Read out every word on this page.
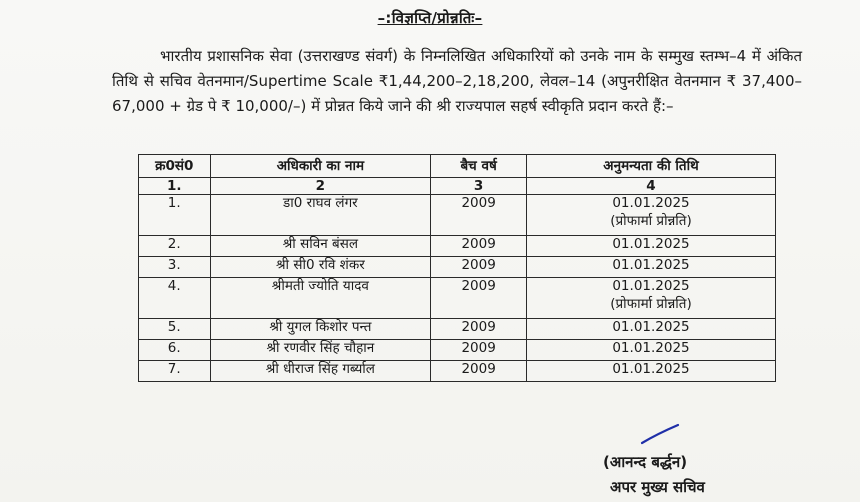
–:विज्ञप्ति/प्रोन्नतिः–
भारतीय प्रशासनिक सेवा (उत्तराखण्ड संवर्ग) के निम्नलिखित अधिकारियों को उनके नाम के सम्मुख स्तम्भ–4 में अंकित तिथि से सचिव वेतनमान/Supertime Scale ₹1,44,200–2,18,200, लेवल–14 (अपुनरीक्षित वेतनमान ₹ 37,400–67,000 + ग्रेड पे ₹ 10,000/–) में प्रोन्नत किये जाने की श्री राज्यपाल सहर्ष स्वीकृति प्रदान करते हैं:–
क्र0सं0	अधिकारी का नाम	बैच वर्ष	अनुमन्यता की तिथि
1.	2	3	4
1.	डा0 राघव लंगर	2009	01.01.2025
(प्रोफार्मा प्रोन्नति)

2.	श्री सविन बंसल	2009	01.01.2025
3.	श्री सी0 रवि शंकर	2009	01.01.2025
4.	श्रीमती ज्योति यादव	2009	01.01.2025
(प्रोफार्मा प्रोन्नति)

5.	श्री युगल किशोर पन्त	2009	01.01.2025
6.	श्री रणवीर सिंह चौहान	2009	01.01.2025
7.	श्री धीराज सिंह गर्ब्याल	2009	01.01.2025
(आनन्द बर्द्धन)
अपर मुख्य सचिव
